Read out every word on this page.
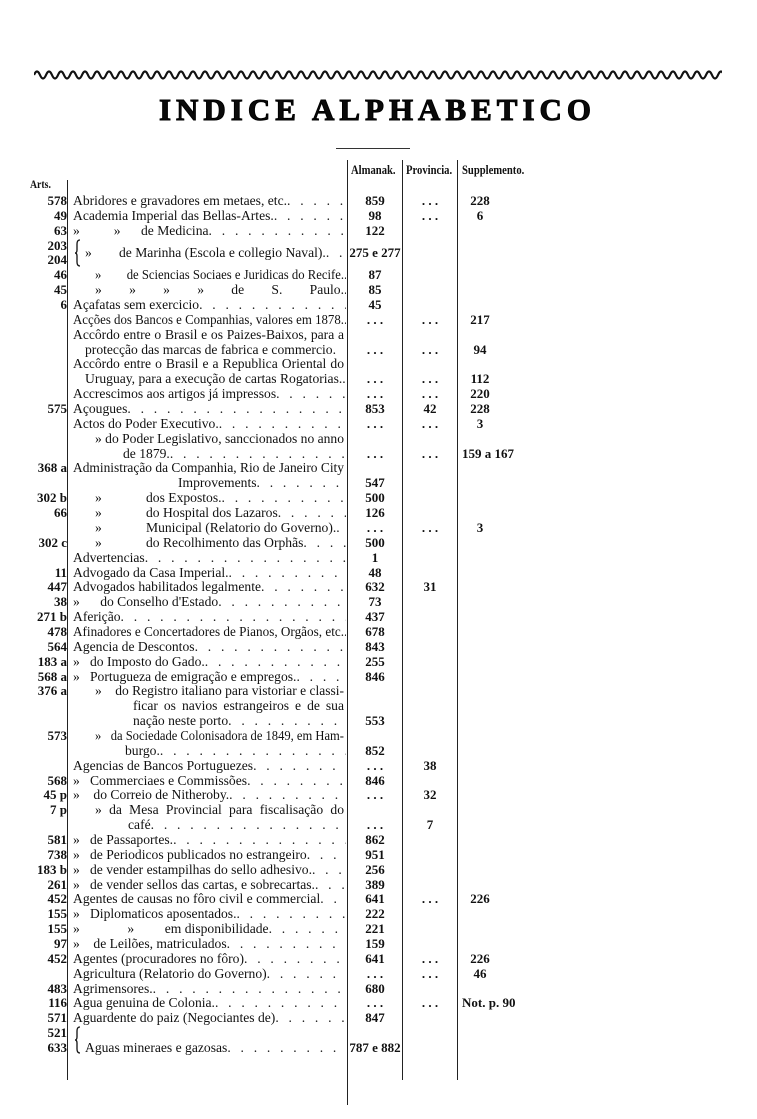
INDICE ALPHABETICO
Almanak. Provincia. Supplemento.
Arts.
578 Abridores e gravadores em metaes, etc. . . .	859	. . .	228
49 Academia Imperial das Bellas-Artes. . . .	98	. . .	6
63 »          »      de Medicina . . .	122
203
204 »        de Marinha (Escola e collegio Naval). . . . 275 e 277
46 »        de Sciencias Sociaes e Juridicas do Recife. . . .	87
45 » » » » de S. Paulo. . . .	85
6 Açafatas sem exercicio . . .	45
Acções dos Bancos e Companhias, valores em 1878. . . .	. . .	. . .	217
Accôrdo entre o Brasil e os Paizes-Baixos, para a
protecção das marcas de fabrica e commercio . . .	. . .	. . .	94
Accôrdo entre o Brasil e a Republica Oriental do
Uruguay, para a execução de cartas Rogatorias. . . .	. . .	. . .	112
Accrescimos aos artigos já impressos . . .	. . .	. . .	220
575 Açougues . . .	853	42	228
Actos do Poder Executivo. . . .	. . .	. . .	3
» do Poder Legislativo, sanccionados no anno
de 1879. . . .	. . .	. . .	159 a 167
368 a Administração da Companhia, Rio de Janeiro City
Improvements . . .	547
302 b »             dos Expostos. . . .	500
66 »             do Hospital dos Lazaros . . .	126
»             Municipal (Relatorio do Governo). . . .	. . .	. . .	3
302 c »             do Recolhimento das Orphãs . . .	500
Advertencias . . .	1
11 Advogado da Casa Imperial. . . .	48
447 Advogados habilitados legalmente . . .	632	31
38 »      do Conselho d'Estado . . .	73
271 b Aferição . . .	437
478 Afinadores e Concertadores de Pianos, Orgãos, etc. . . .	678
564 Agencia de Descontos . . .	843
183 a »   do Imposto do Gado. . . .	255
568 a »   Portugueza de emigração e empregos. . . .	846
376 a »    do Registro italiano para vistoriar e classi-
ficar os navios estrangeiros e de sua
nação neste porto . . .	553
573 »   da Sociedade Colonisadora de 1849, em Ham-
burgo. . . .	852
Agencias de Bancos Portuguezes . . .	. . .	38
568 »   Commerciaes e Commissões . . .	846
45 p »    do Correio de Nitheroby. . . .	. . .	32
7 p » da Mesa Provincial para fiscalisação do
café . . .	. . .	7
581 »   de Passaportes. . . .	862
738 »   de Periodicos publicados no estrangeiro . . .	951
183 b »   de vender estampilhas do sello adhesivo. . . .	256
261 »   de vender sellos das cartas, e sobrecartas. . . .	389
452 Agentes de causas no fôro civil e commercial . . .	641	. . .	226
155 »   Diplomaticos aposentados. . . .	222
155 »              »         em disponibilidade . . .	221
97 »    de Leilões, matriculados . . .	159
452 Agentes (procuradores no fôro) . . .	641	. . .	226
Agricultura (Relatorio do Governo) . . .	. . .	. . .	46
483 Agrimensores. . . .	680
116 Agua genuina de Colonia. . . .	. . .	. . .	Not. p. 90
571 Aguardente do paiz (Negociantes de) . . .	847
521
633 Aguas mineraes e gazosas . . .	787 e 882
